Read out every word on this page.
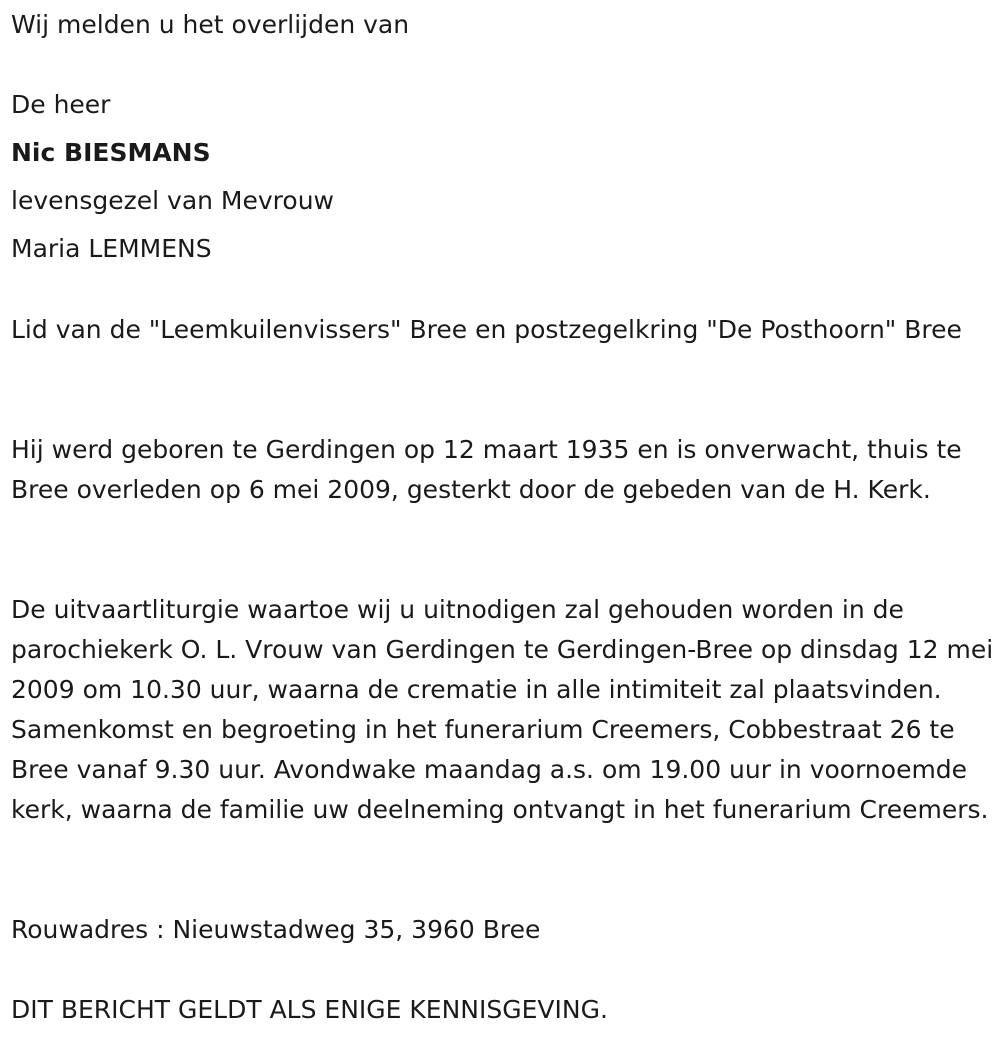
Wij melden u het overlijden van

De heer

Nic BIESMANS

levensgezel van Mevrouw

Maria LEMMENS

Lid van de "Leemkuilenvissers" Bree en postzegelkring "De Posthoorn" Bree

Hij werd geboren te Gerdingen op 12 maart 1935 en is onverwacht, thuis te Bree overleden op 6 mei 2009, gesterkt door de gebeden van de H. Kerk.

De uitvaartliturgie waartoe wij u uitnodigen zal gehouden worden in de parochiekerk O. L. Vrouw van Gerdingen te Gerdingen-Bree op dinsdag 12 mei 2009 om 10.30 uur, waarna de crematie in alle intimiteit zal plaatsvinden. Samenkomst en begroeting in het funerarium Creemers, Cobbestraat 26 te Bree vanaf 9.30 uur. Avondwake maandag a.s. om 19.00 uur in voornoemde kerk, waarna de familie uw deelneming ontvangt in het funerarium Creemers.

Rouwadres : Nieuwstadweg 35, 3960 Bree

DIT BERICHT GELDT ALS ENIGE KENNISGEVING.
